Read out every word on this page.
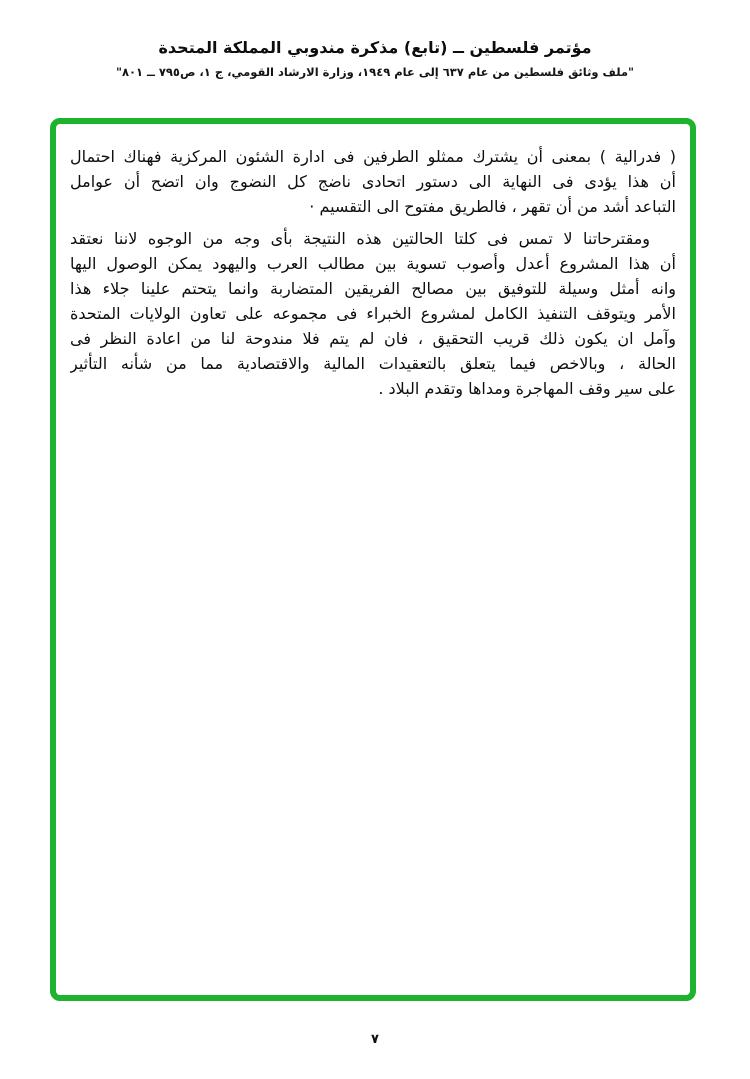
مؤتمر فلسطين ــ (تابع) مذكرة مندوبي المملكة المتحدة
"ملف وثائق فلسطين من عام ٦٣٧ إلى عام ١٩٤٩، وزارة الارشاد القومي، ج ١، ص٧٩٥ ــ ٨٠١"
( فدرالية ) بمعنى أن يشترك ممثلو الطرفين فى ادارة الشئون المركزية فهناك احتمال
أن هذا يؤدى فى النهاية الى دستور اتحادى ناضج كل النضوج وان اتضح أن عوامل
التباعد أشد من أن تقهر ، فالطريق مفتوح الى التقسيم ·
ومقترحاتنا لا تمس فى كلتا الحالتين هذه النتيجة بأى وجه من الوجوه لاننا نعتقد
أن هذا المشروع أعدل وأصوب تسوية بين مطالب العرب واليهود يمكن الوصول اليها
وانه أمثل وسيلة للتوفيق بين مصالح الفريقين المتضاربة وانما يتحتم علينا جلاء هذا
الأمر ويتوقف التنفيذ الكامل لمشروع الخبراء فى مجموعه على تعاون الولايات المتحدة
وآمل ان يكون ذلك قريب التحقيق ، فان لم يتم فلا مندوحة لنا من اعادة النظر فى
الحالة ، وبالاخص فيما يتعلق بالتعقيدات المالية والاقتصادية مما من شأنه التأثير
على سير وقف المهاجرة ومداها وتقدم البلاد .
٧
